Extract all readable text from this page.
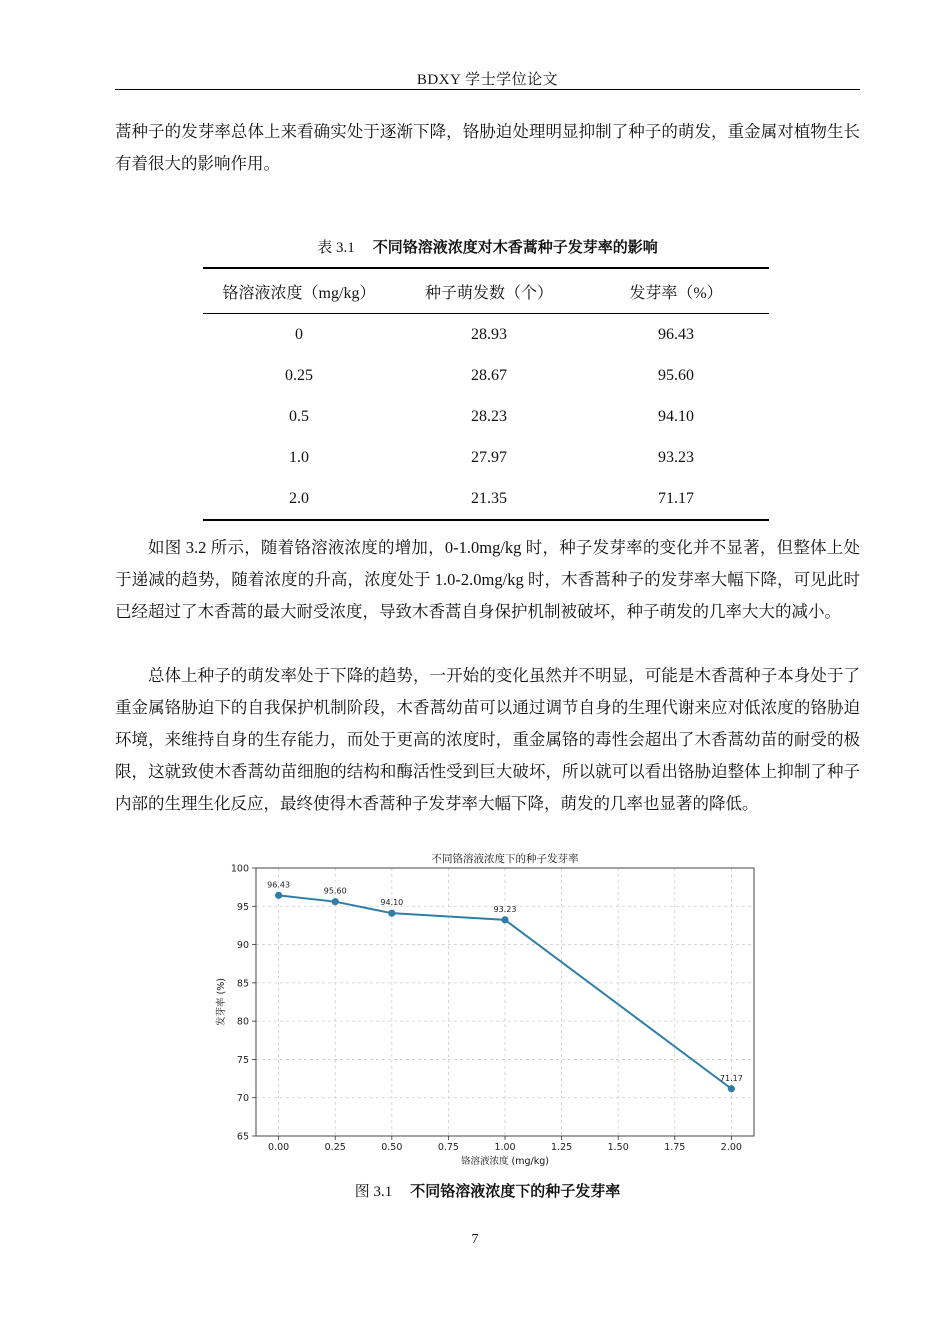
BDXY 学士学位论文

蒿种子的发芽率总体上来看确实处于逐渐下降，铬胁迫处理明显抑制了种子的萌发，重金属对植物生长有着很大的影响作用。

表 3.1 不同铬溶液浓度对木香蒿种子发芽率的影响
铬溶液浓度（mg/kg）	种子萌发数（个）	发芽率（%）
0	28.93	96.43
0.25	28.67	95.60
0.5	28.23	94.10
1.0	27.97	93.23
2.0	21.35	71.17

如图 3.2 所示，随着铬溶液浓度的增加，0-1.0mg/kg 时，种子发芽率的变化并不显著，但整体上处于递减的趋势，随着浓度的升高，浓度处于 1.0-2.0mg/kg 时，木香蒿种子的发芽率大幅下降，可见此时已经超过了木香蒿的最大耐受浓度，导致木香蒿自身保护机制被破坏，种子萌发的几率大大的减小。

总体上种子的萌发率处于下降的趋势，一开始的变化虽然并不明显，可能是木香蒿种子本身处于了重金属铬胁迫下的自我保护机制阶段，木香蒿幼苗可以通过调节自身的生理代谢来应对低浓度的铬胁迫环境，来维持自身的生存能力，而处于更高的浓度时，重金属铬的毒性会超出了木香蒿幼苗的耐受的极限，这就致使木香蒿幼苗细胞的结构和酶活性受到巨大破坏，所以就可以看出铬胁迫整体上抑制了种子内部的生理生化反应，最终使得木香蒿种子发芽率大幅下降，萌发的几率也显著的降低。

65
70
75
80
85
90
95
100
0.00	0.25	0.50	0.75	1.00	1.25	1.50	1.75	2.00
96.43
95.60
94.10
93.23
71.17
不同铬溶液浓度下的种子发芽率
铬溶液浓度 (mg/kg)
发芽率 (%)
图 3.1 不同铬溶液浓度下的种子发芽率
7
